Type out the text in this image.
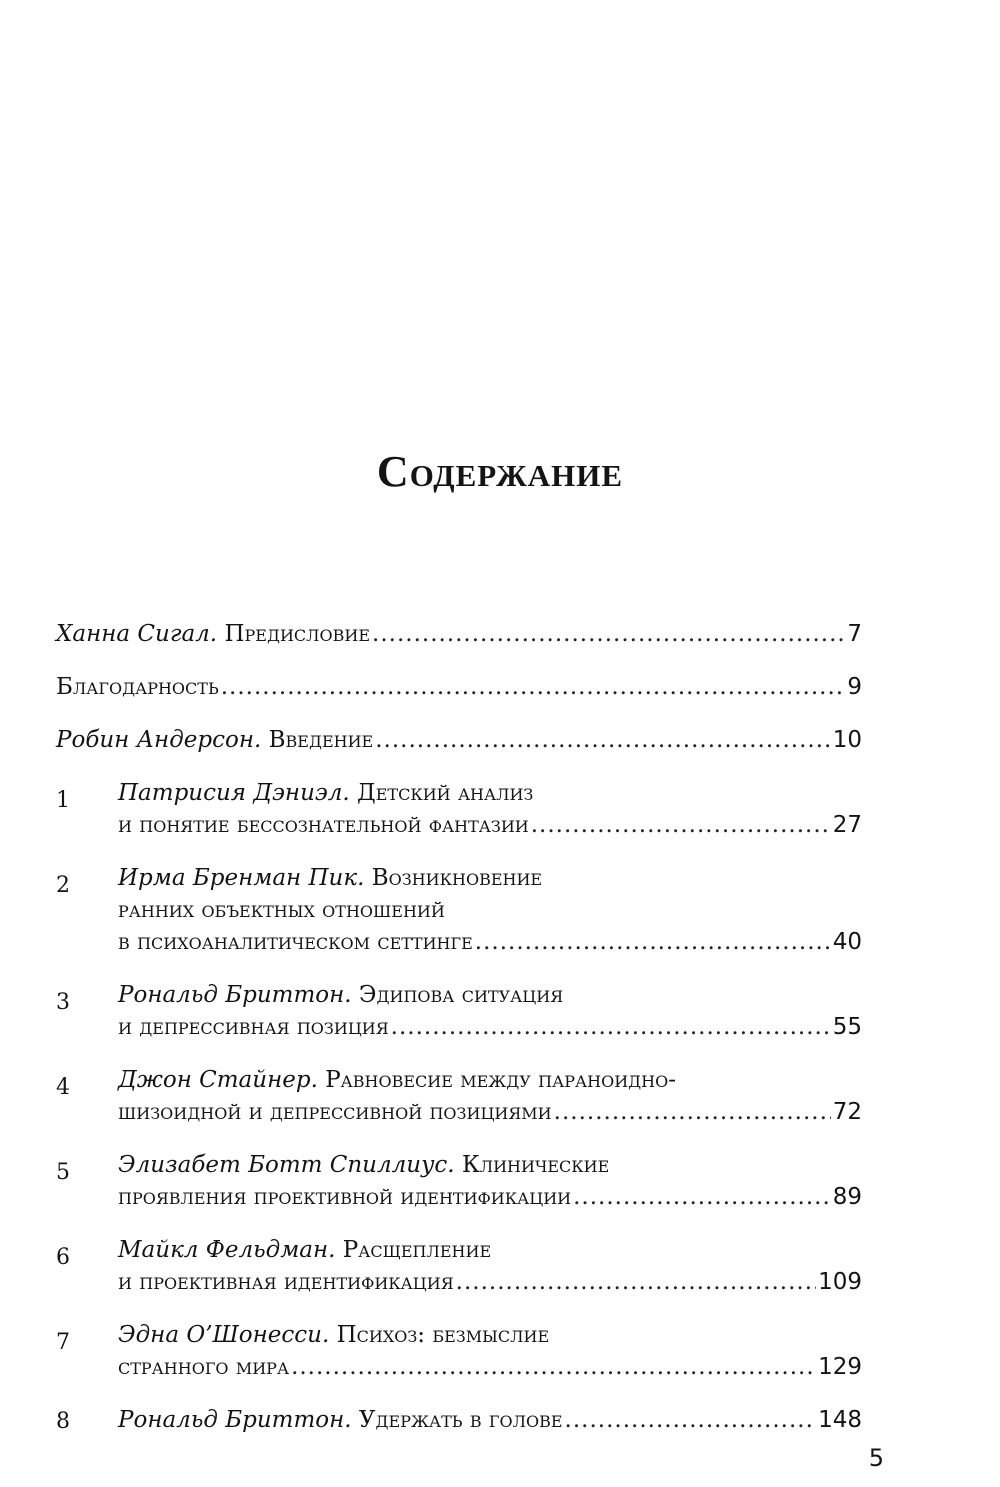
Содержание
Ханна Сигал.
Предисловие .....	7
Благодарность .....	9
Робин Андерсон.
Введение .....	10
1	Патрисия Дэниэл.
Детский анализ
и понятие бессознательной фантазии .....	27
2	Ирма Бренман Пик.
Возникновение
ранних объектных отношений
в психоаналитическом сеттинге .....	40
3	Рональд Бриттон.
Эдипова ситуация
и депрессивная позиция .....	55
4	Джон Стайнер.
Равновесие между параноидно-
шизоидной и депрессивной позициями .....	72
5	Элизабет Ботт Спиллиус.
Клинические
проявления проективной идентификации .....	89
6	Майкл Фельдман.
Расщепление
и проективная идентификация .....	109
7	Эдна О’Шонесси.
Психоз: безмыслие
странного мира .....	129
8	Рональд Бриттон.
Удержать в голове .....	148
5
